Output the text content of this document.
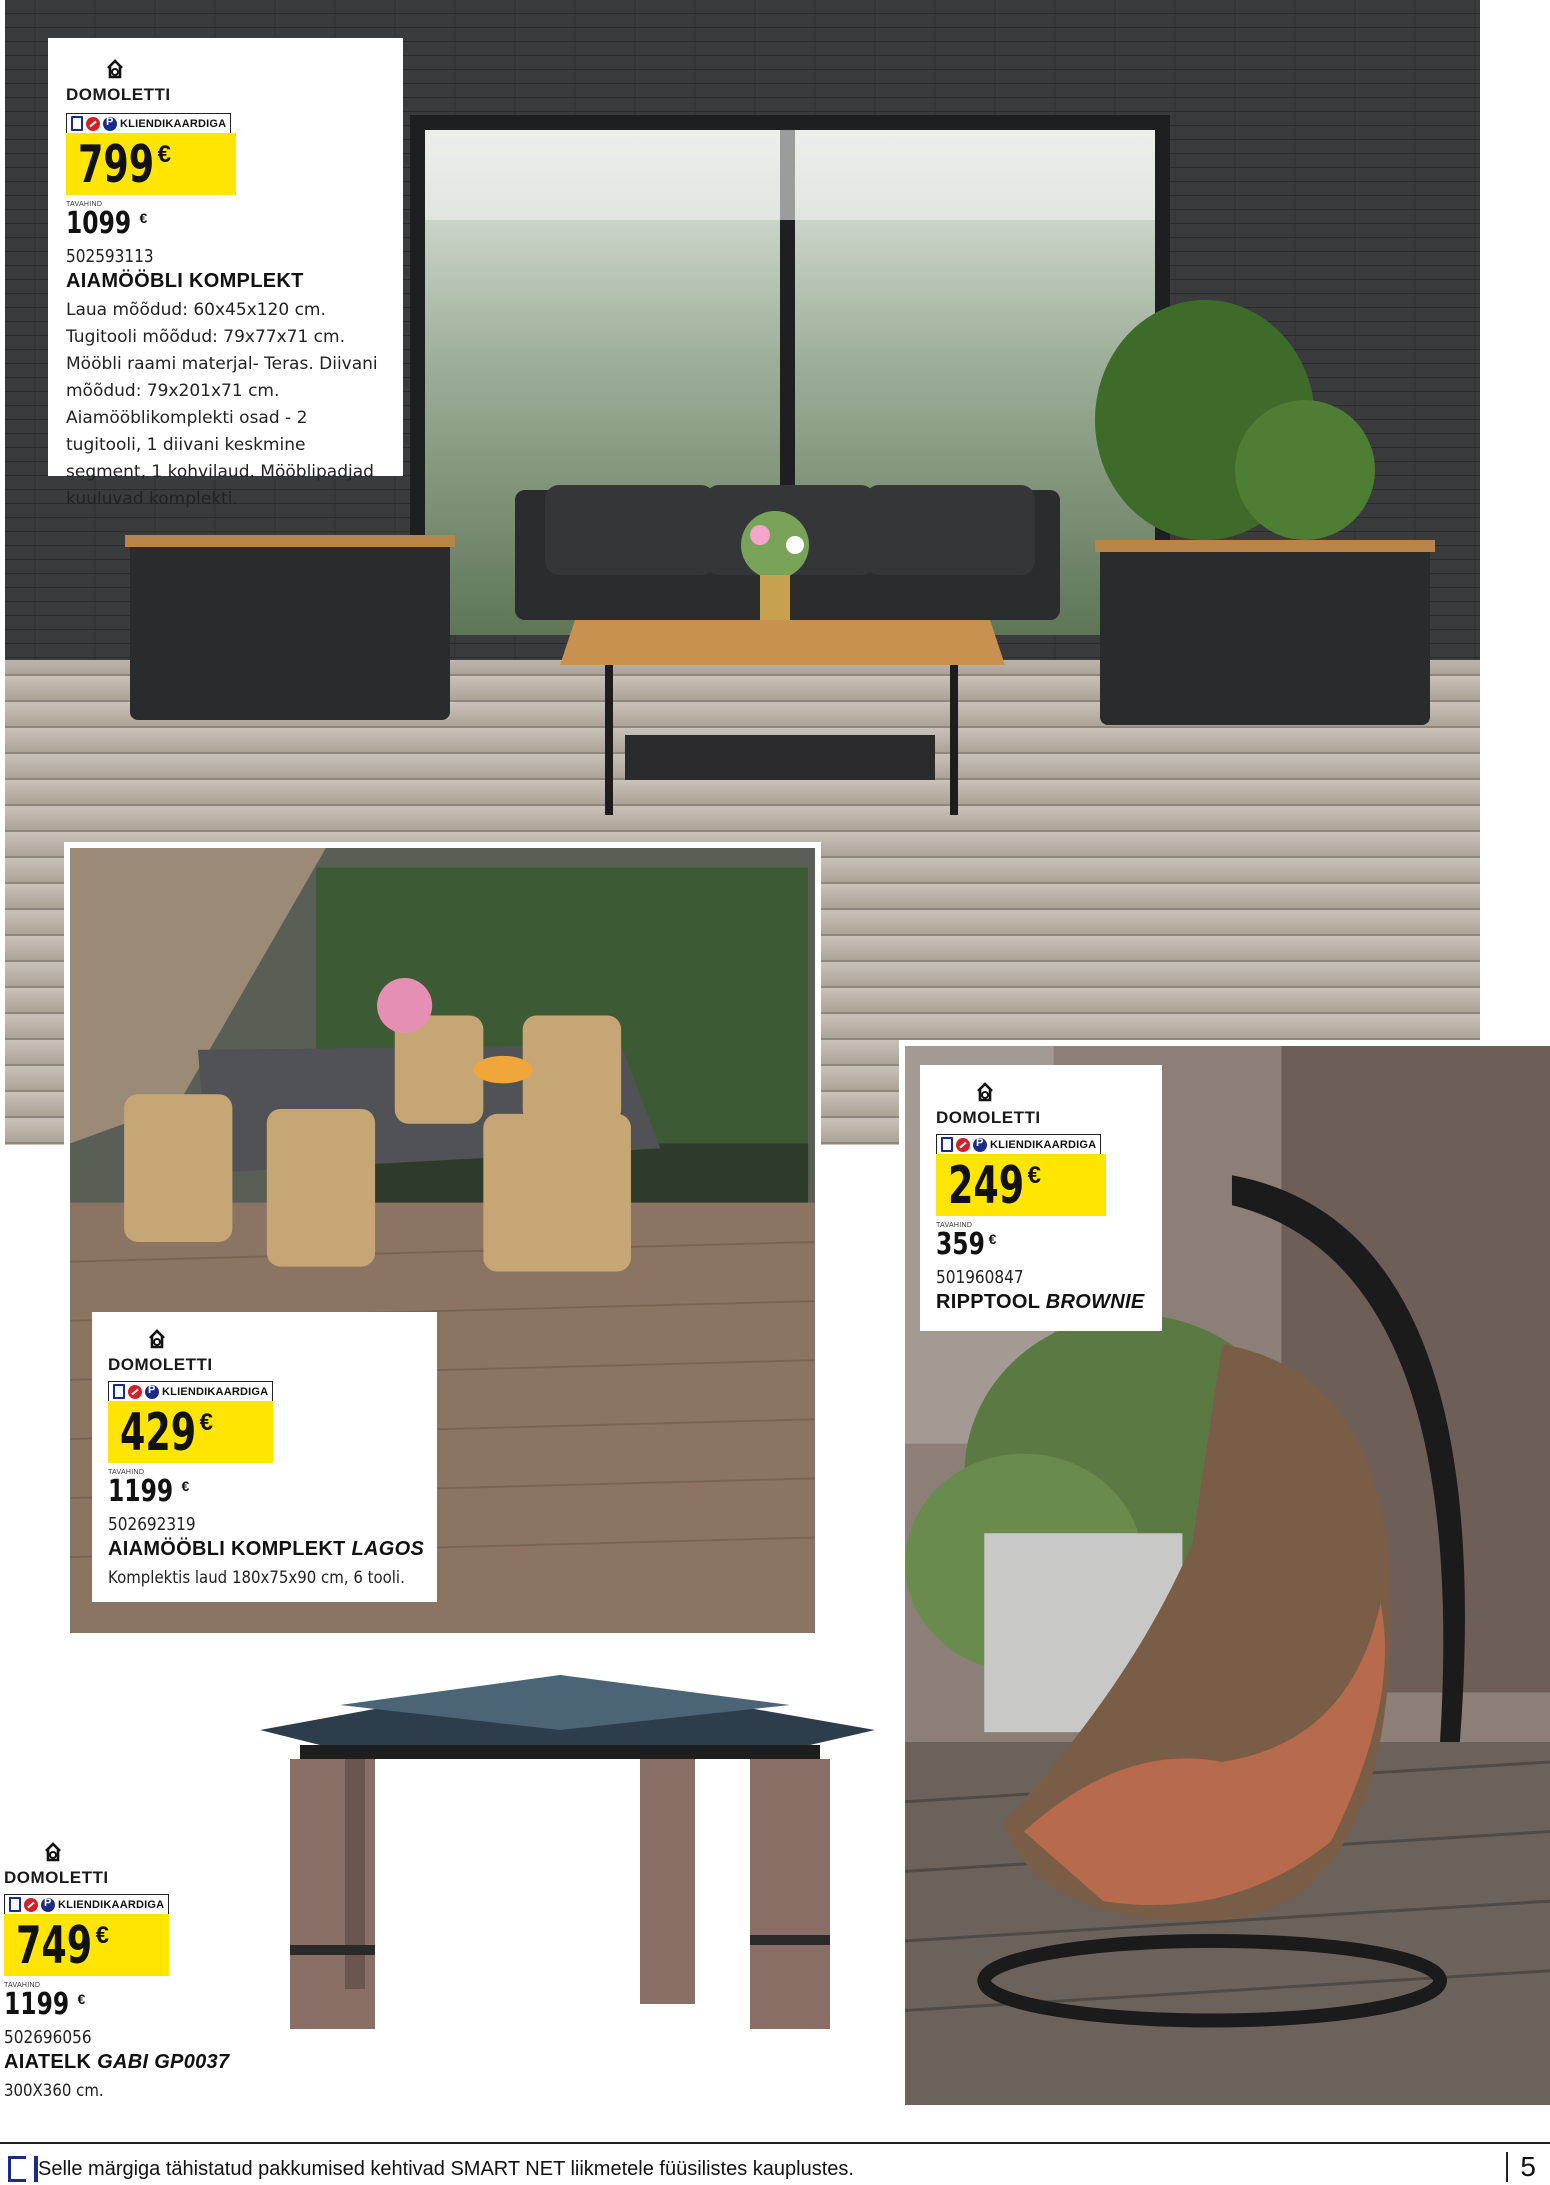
DOMOLETTI
P
KLIENDIKAARDIGA
799 €
TAVAHIND
1099 €
502593113
AIAMÖÖBLI KOMPLEKT
Laua mõõdud: 60x45x120 cm. Tugitooli mõõdud: 79x77x71 cm. Mööbli raami materjal- Teras. Diivani mõõdud: 79x201x71 cm. Aiamööblikomplekti osad - 2 tugitooli, 1 diivani keskmine segment, 1 kohvilaud. Mööblipadjad kuuluvad komplekti.
DOMOLETTI
P
KLIENDIKAARDIGA
249 €
TAVAHIND
359 €
501960847
RIPPTOOL BROWNIE
DOMOLETTI
P
KLIENDIKAARDIGA
429 €
TAVAHIND
1199 €
502692319
AIAMÖÖBLI KOMPLEKT LAGOS
Komplektis laud 180x75x90 cm, 6 tooli.
DOMOLETTI
P
KLIENDIKAARDIGA
749 €
TAVAHIND
1199 €
502696056
AIATELK GABI GP0037
300X360 cm.
Selle märgiga tähistatud pakkumised kehtivad SMART NET liikmetele füüsilistes kauplustes.	5
